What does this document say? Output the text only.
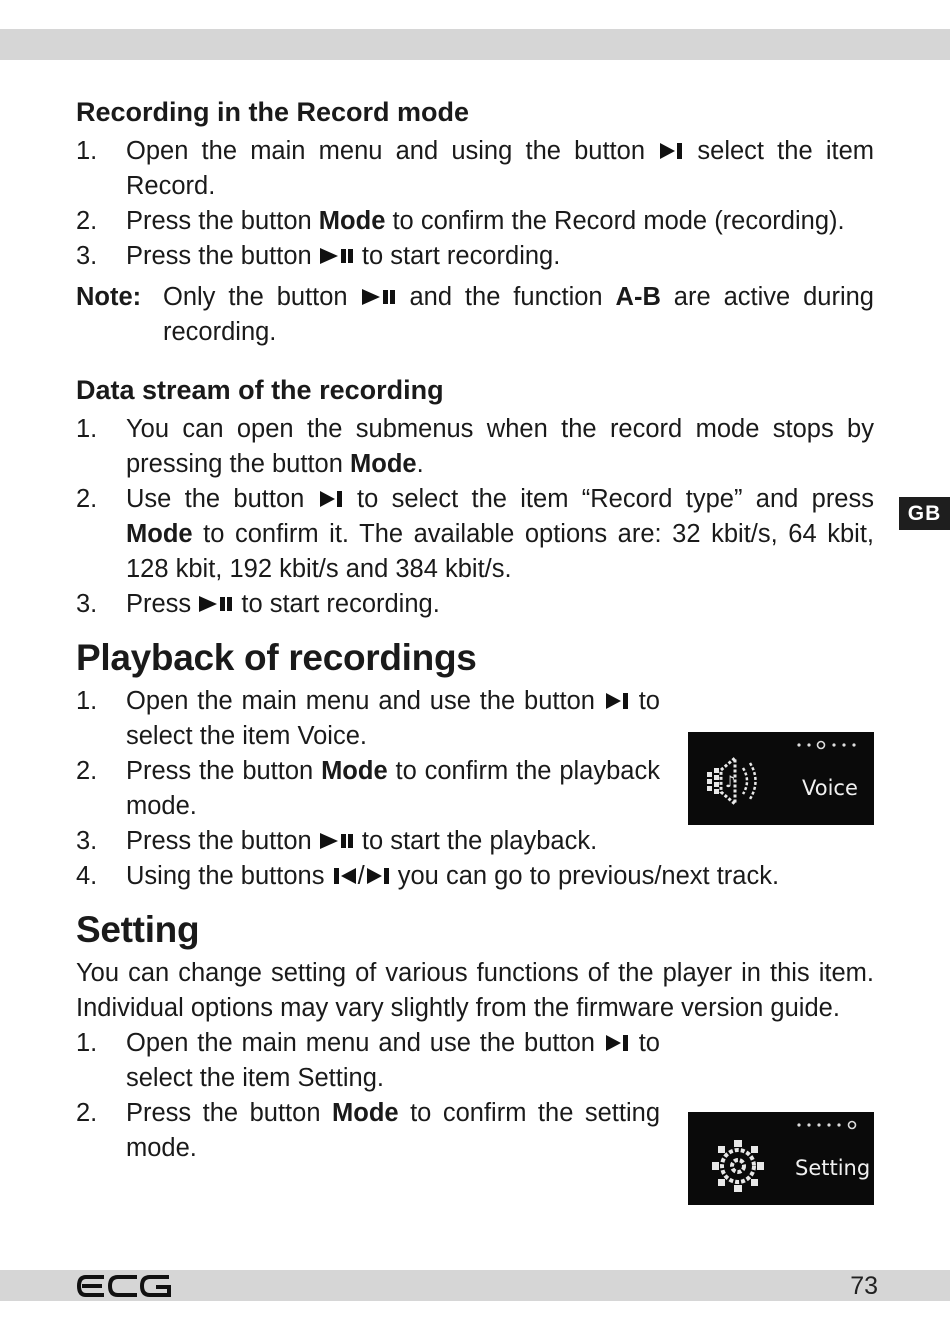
GB
Recording in the Record mode
1. Open the main menu and using the button select the item Record.
2. Press the button Mode to confirm the Record mode (recording).
3. Press the button to start recording.
Note: Only the button and the function A-B are active during recording.
Data stream of the recording
1. You can open the submenus when the record mode stops by pressing the button Mode.
2. Use the button to select the item “Record type” and press Mode to confirm it. The available options are: 32 kbit/s, 64 kbit, 128 kbit, 192 kbit/s and 384 kbit/s.
3. Press to start recording.
Playback of recordings
1. Open the main menu and use the button to select the item Voice.
2. Press the button Mode to confirm the playback mode.
3. Press the button to start the playback.
4. Using the buttons / you can go to previous/next track.
Setting

You can change setting of various functions of the player in this item. Individual options may vary slightly from the firmware version guide.

1. Open the main menu and use the button to select the item Setting.
2. Press the button Mode to confirm the setting mode.
♪	Voice
Setting
73
